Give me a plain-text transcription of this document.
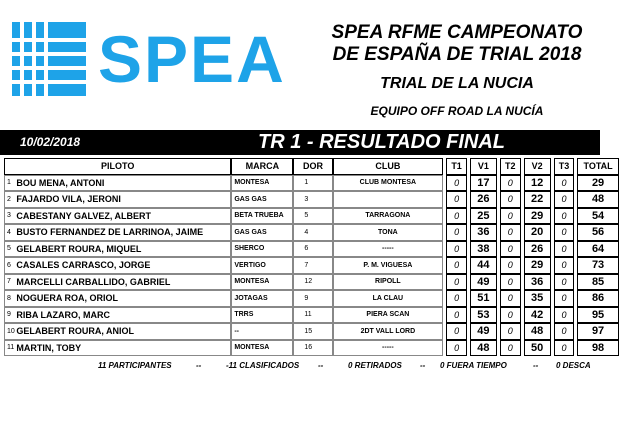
SPEA	SPEA RFME CAMPEONATO
DE ESPAÑA DE TRIAL 2018
TRIAL DE LA NUCIA
EQUIPO OFF ROAD LA NUCÍA
10/02/2018	TR 1 - RESULTADO FINAL
PILOTO		MARCA	DOR	CLUB		T1		V1		T2		V2		T3		TOTAL	
1	BOU MENA, ANTONI	MONTESA	1	CLUB MONTESA		0		17		0		12		0		29	
2	FAJARDO VILA, JERONI	GAS GAS	3			0		26		0		22		0		48	
3	CABESTANY GALVEZ, ALBERT	BETA TRUEBA	5	TARRAGONA		0		25		0		29		0		54	
4	BUSTO FERNANDEZ DE LARRINOA, JAIME	GAS GAS	4	TONA		0		36		0		20		0		56	
5	GELABERT ROURA, MIQUEL	SHERCO	6	-----		0		38		0		26		0		64	
6	CASALES CARRASCO, JORGE	VERTIGO	7	P. M. VIGUESA		0		44		0		29		0		73	
7	MARCELLI CARBALLIDO, GABRIEL	MONTESA	12	RIPOLL		0		49		0		36		0		85	
8	NOGUERA ROA, ORIOL	JOTAGAS	9	LA CLAU		0		51		0		35		0		86	
9	RIBA LAZARO, MARC	TRRS	11	PIERA SCAN		0		53		0		42		0		95	
10	GELABERT ROURA, ANIOL	--	15	2DT VALL LORD		0		49		0		48		0		97	
11	MARTIN, TOBY	MONTESA	16	-----		0		48		0		50		0		98	
11 PARTICIPANTES	--	-11 CLASIFICADOS --	0 RETIRADOS -- 0 FUERA TIEMPO	-- 0 DESCA
